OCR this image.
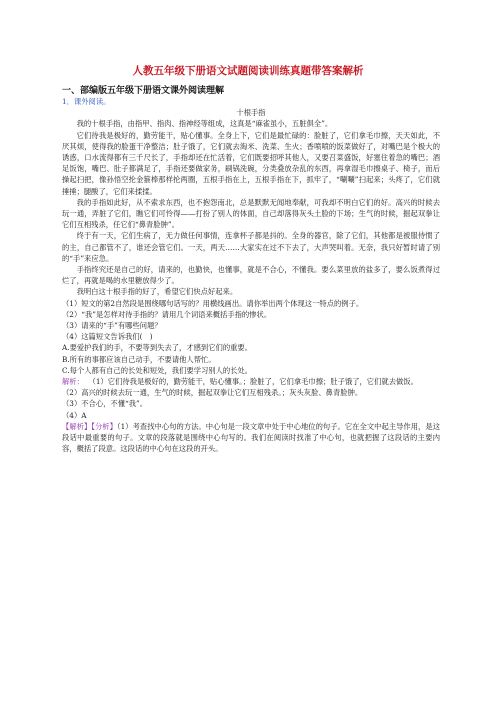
人教五年级下册语文试题阅读训练真题带答案解析
一、部编版五年级下册语文课外阅读理解

1．课外阅读。

十根手指

我的十根手指，由指甲、指肉、指神经等组成，这真是“麻雀虽小，五脏俱全”。

它们待我是极好的，勤劳能干，贴心懂事。全身上下，它们是最忙碌的：脸脏了，它们拿毛巾擦，天天如此，不厌其烦，使得我的脸蛋干净整洁；肚子饿了，它们就去淘米、洗菜、生火；香喷喷的饭菜做好了，对嘴巴是个极大的诱惑，口水流得都有三千尺长了，手指却还在忙活着，它们既要招呼其他人，又要召菜盛饭，好塞住着急的嘴巴；酒足饭饱，嘴巴、肚子都满足了，手指还要做家务，刷锅洗碗，分类叠放杂乱的东西，再拿湿毛巾擦桌子、椅子，而后操起扫把，像孙悟空抡金箍棒那样抡两圈，五根手指在上，五根手指在下，抓牢了，“唰唰”扫起来；头疼了，它们就捶捶；腿酸了，它们来揉揉。

我的手指如此好，从不索求东西，也不抱怨南北，总是默默无闻地奉献，可我却不明白它们的好。高兴的时候去玩一通，弄脏了它们，瞧它们可怜得——打扮了别人的体面，自己却落得灰头土脸的下场；生气的时候，掘起双拳让它们互相残杀，任它们“鼻青脸肿”。

终于有一天，它们生病了，无力做任何事情，连拿杯子都是抖的。全身的器官，除了它们，其他都是被服侍惯了的主，自己都管不了，谁还会管它们。一天，两天……大家实在过不下去了，大声哭叫着。无奈，我只好暂时请了别的“手”来应急。

手指终究还是自己的好，请来的，也勤快，也懂事，就是不合心，不懂我。要么菜里放的盐多了，要么饭煮得过烂了，再就是喝的水里糖放得少了。

我明白这十根手指的好了，希望它们快点好起来。

（1）短文的第2自然段是围绕哪句话写的？用横线画出。请你举出两个体现这一特点的例子。

（2）“我”是怎样对待手指的？请用几个词语来概括手指的惨状。

（3）请来的“手”有哪些问题？

（4）这篇短文告诉我们(　)

A.要爱护我们的手，不要等到失去了，才感到它们的重要。

B.所有的事都应该自己动手，不要请他人帮忙。

C.每个人都有自己的长处和短处，我们要学习别人的长处。

解析： （1）它们待我是极好的，勤劳能干，贴心懂事。；脸脏了，它们拿毛巾擦；肚子饿了，它们就去做饭。

（2）高兴的时候去玩一通，生气的时候，掘起双拳让它们互相残杀。；灰头灰脸、鼻青脸肿。

（3）不合心，不懂“我”。

（4）A

【解析】【分析】（1）考查找中心句的方法。中心句是一段文章中处于中心地位的句子。它在全文中起主导作用，是这段话中最重要的句子。文章的段落就是围绕中心句写的。我们在阅读时找准了中心句，也就把握了这段话的主要内容，概括了段意。这段话的中心句在这段的开头。
